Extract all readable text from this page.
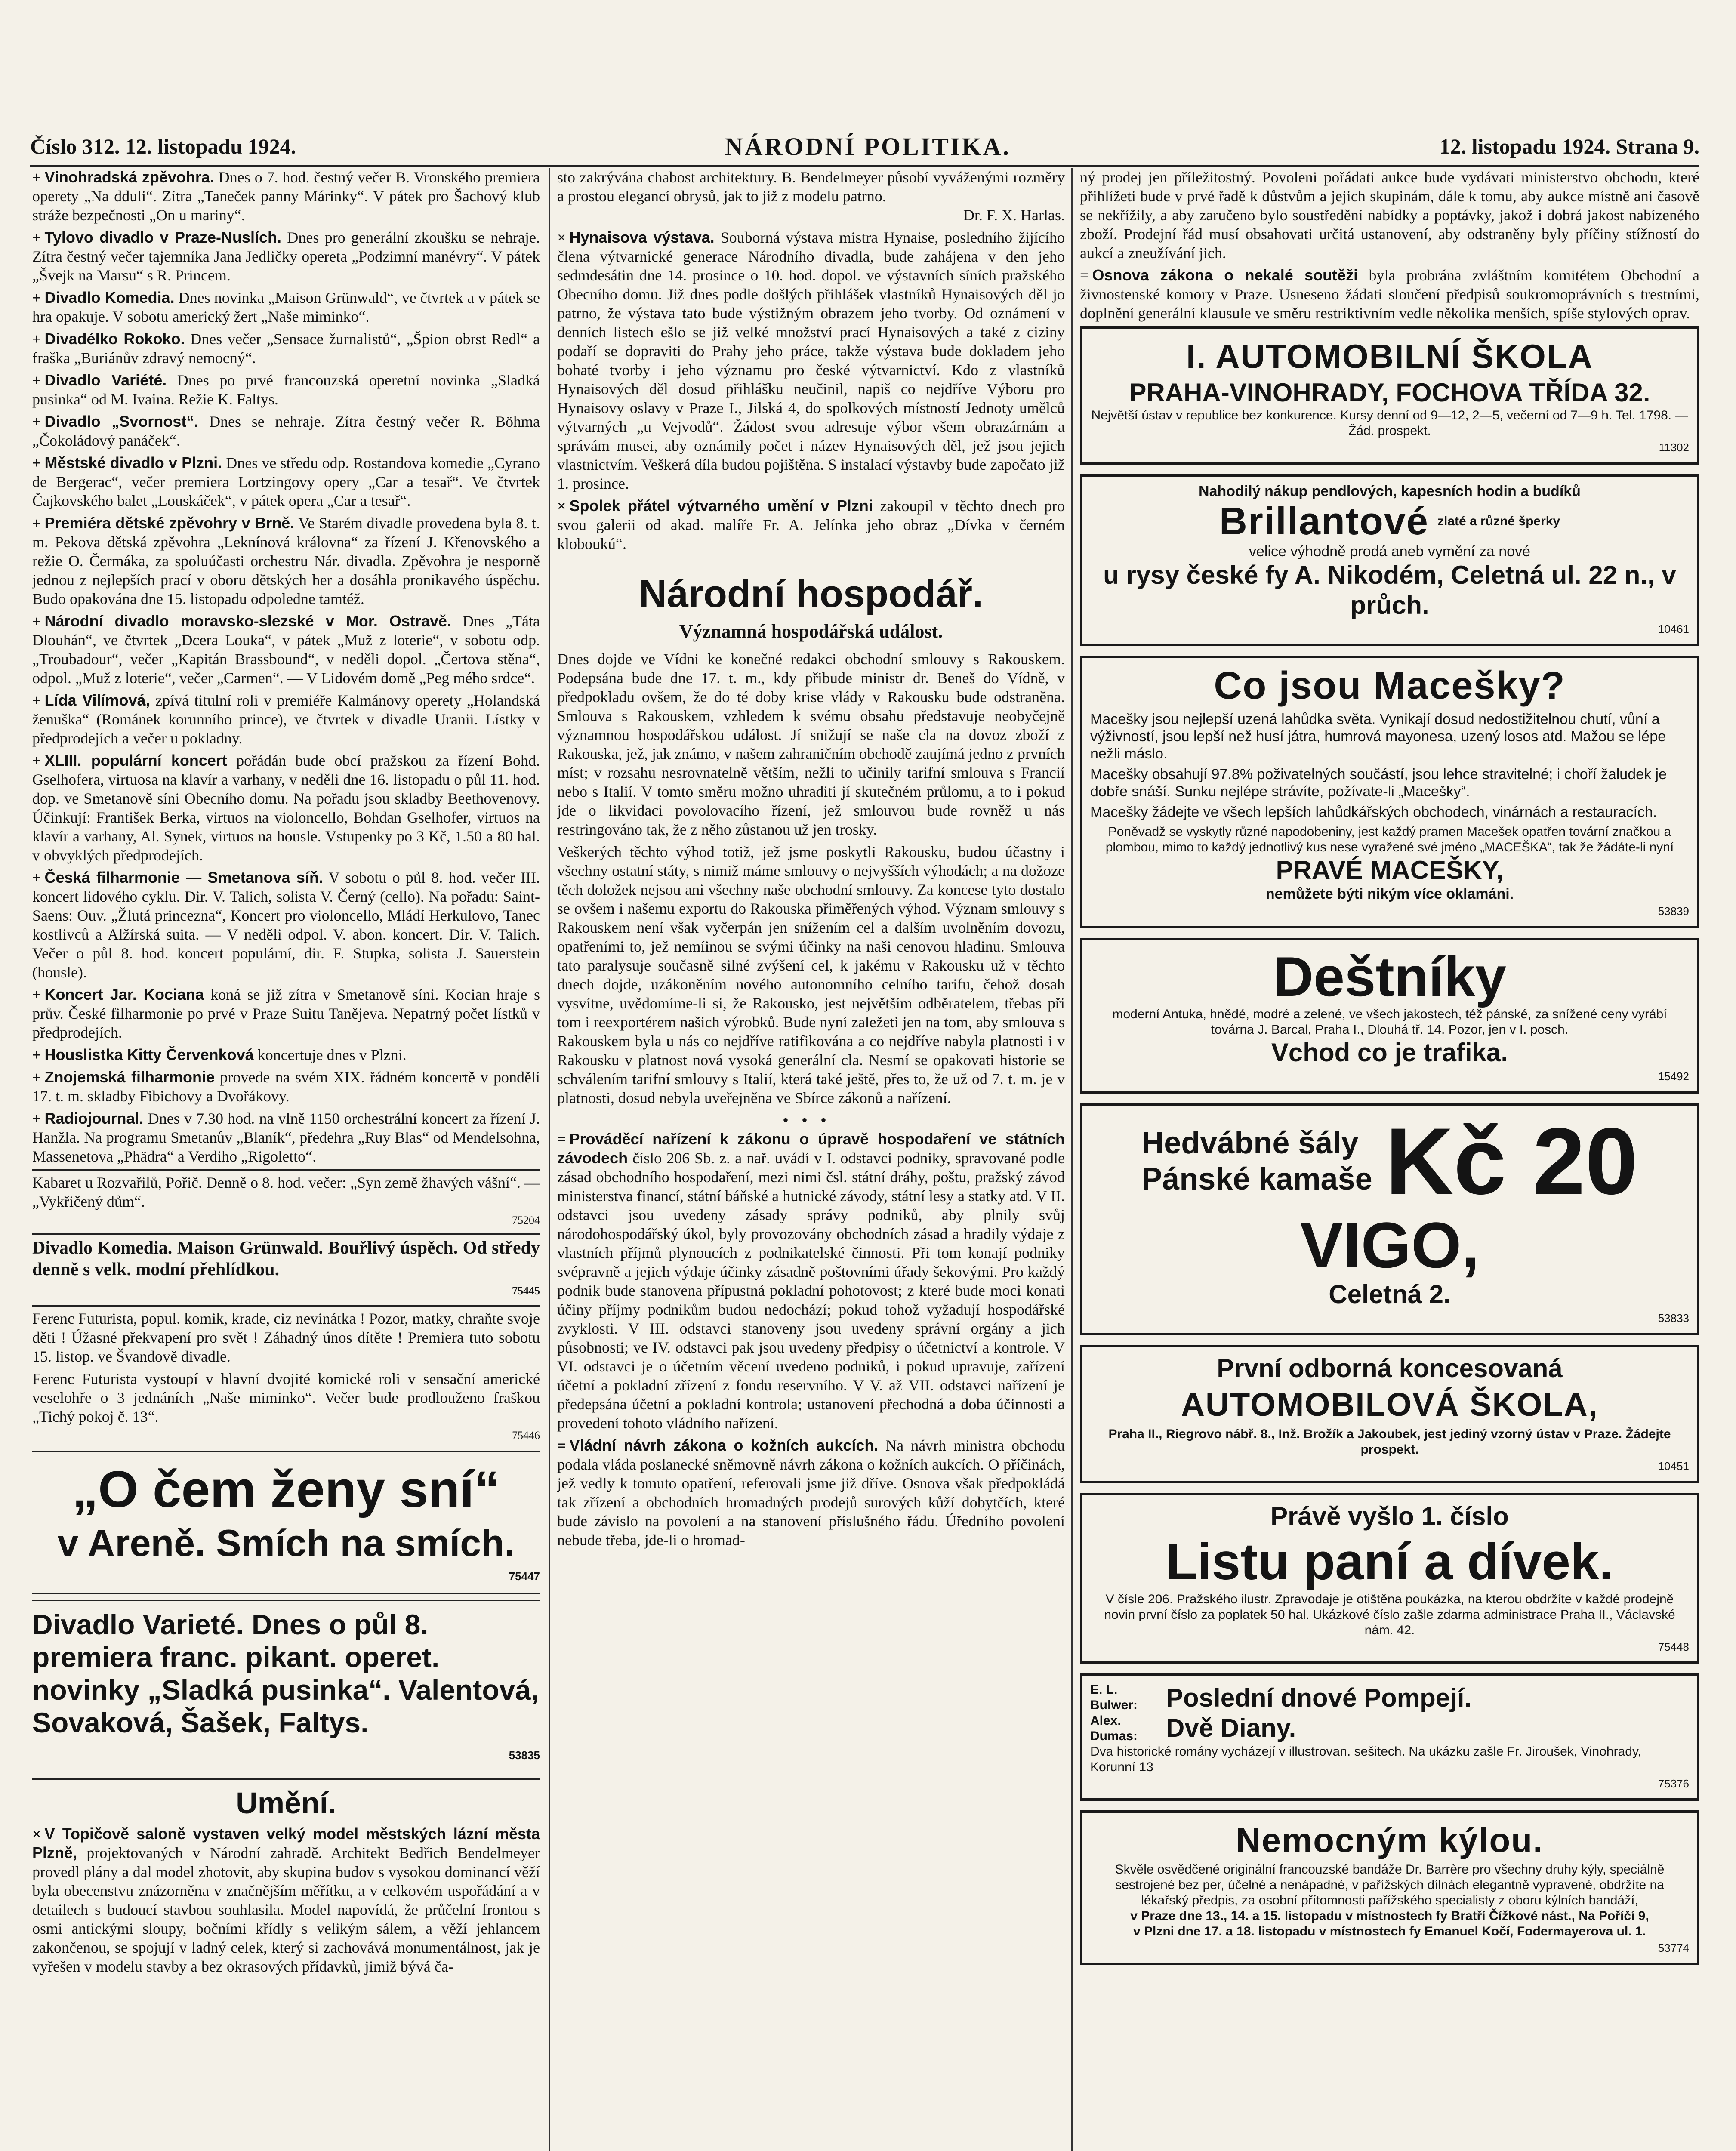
Číslo 312. 12. listopadu 1924.	NÁRODNÍ POLITIKA.	12. listopadu 1924. Strana 9.
+ Vinohradská zpěvohra. Dnes o 7. hod. čestný večer B. Vronského premiera operety „Na dduli“. Zítra „Taneček panny Márinky“. V pátek pro Šachový klub stráže bezpečnosti „On u mariny“.
+ Tylovo divadlo v Praze-Nuslích. Dnes pro generální zkoušku se nehraje. Zítra čestný večer tajemníka Jana Jedličky opereta „Podzimní manévry“. V pátek „Švejk na Marsu“ s R. Princem.
+ Divadlo Komedia. Dnes novinka „Maison Grünwald“, ve čtvrtek a v pátek se hra opakuje. V sobotu americký žert „Naše miminko“.
+ Divadélko Rokoko. Dnes večer „Sensace žurnalistů“, „Špion obrst Redl“ a fraška „Buriánův zdravý nemocný“.
+ Divadlo Variété. Dnes po prvé francouzská operetní novinka „Sladká pusinka“ od M. Ivaina. Režie K. Faltys.
+ Divadlo „Svornost“. Dnes se nehraje. Zítra čestný večer R. Böhma „Čokoládový panáček“.
+ Městské divadlo v Plzni. Dnes ve středu odp. Rostandova komedie „Cyrano de Bergerac“, večer premiera Lortzingovy opery „Car a tesař“. Ve čtvrtek Čajkovského balet „Louskáček“, v pátek opera „Car a tesař“.
+ Premiéra dětské zpěvohry v Brně. Ve Starém divadle provedena byla 8. t. m. Pekova dětská zpěvohra „Leknínová královna“ za řízení J. Křenovského a režie O. Čermáka, za spoluúčasti orchestru Nár. divadla. Zpěvohra je nesporně jednou z nejlepších prací v oboru dětských her a dosáhla pronikavého úspěchu. Budo opakována dne 15. listopadu odpoledne tamtéž.
+ Národní divadlo moravsko-slezské v Mor. Ostravě. Dnes „Táta Dlouhán“, ve čtvrtek „Dcera Louka“, v pátek „Muž z loterie“, v sobotu odp. „Troubadour“, večer „Kapitán Brassbound“, v neděli dopol. „Čertova stěna“, odpol. „Muž z loterie“, večer „Carmen“. — V Lidovém domě „Peg mého srdce“.
+ Lída Vilímová, zpívá titulní roli v premiéře Kalmánovy operety „Holandská ženuška“ (Románek korunního prince), ve čtvrtek v divadle Uranii. Lístky v předprodejích a večer u pokladny.
+ XLIII. populární koncert pořádán bude obcí pražskou za řízení Bohd. Gselhofera, virtuosa na klavír a varhany, v neděli dne 16. listopadu o půl 11. hod. dop. ve Smetanově síni Obecního domu. Na pořadu jsou skladby Beethovenovy. Účinkují: František Berka, virtuos na violoncello, Bohdan Gselhofer, virtuos na klavír a varhany, Al. Synek, virtuos na housle. Vstupenky po 3 Kč, 1.50 a 80 hal. v obvyklých předprodejích.
+ Česká filharmonie — Smetanova síň. V sobotu o půl 8. hod. večer III. koncert lidového cyklu. Dir. V. Talich, solista V. Černý (cello). Na pořadu: Saint-Saens: Ouv. „Žlutá princezna“, Koncert pro violoncello, Mládí Herkulovo, Tanec kostlivců a Alžírská suita. — V neděli odpol. V. abon. koncert. Dir. V. Talich. Večer o půl 8. hod. koncert populární, dir. F. Stupka, solista J. Sauerstein (housle).
+ Koncert Jar. Kociana koná se již zítra v Smetanově síni. Kocian hraje s prův. České filharmonie po prvé v Praze Suitu Tanějeva. Nepatrný počet lístků v předprodejích.
+ Houslistka Kitty Červenková koncertuje dnes v Plzni.
+ Znojemská filharmonie provede na svém XIX. řádném koncertě v pondělí 17. t. m. skladby Fibichovy a Dvořákovy.
+ Radiojournal. Dnes v 7.30 hod. na vlně 1150 orchestrální koncert za řízení J. Hanžla. Na programu Smetanův „Blaník“, předehra „Ruy Blas“ od Mendelsohna, Massenetova „Phädra“ a Verdiho „Rigoletto“.
Kabaret u Rozvařilů, Pořič. Denně o 8. hod. večer: „Syn země žhavých vášní“. — „Vykřičený dům“.
75204
Divadlo Komedia. Maison Grünwald. Bouřlivý úspěch. Od středy denně s velk. modní přehlídkou.
75445
Ferenc Futurista, popul. komik, krade, ciz nevinátka ! Pozor, matky, chraňte svoje děti ! Úžasné překvapení pro svět ! Záhadný únos dítěte ! Premiera tuto sobotu 15. listop. ve Švandově divadle.
Ferenc Futurista vystoupí v hlavní dvojité komické roli v sensační americké veselohře o 3 jednáních „Naše miminko“. Večer bude prodlouženo fraškou „Tichý pokoj č. 13“.
75446
„O čem ženy sní“
v Areně. Smích na smích.
75447
Divadlo Varieté. Dnes o půl 8. premiera franc. pikant. operet. novinky „Sladká pusinka“. Valentová, Sovaková, Šašek, Faltys.
53835
Umění.
× V Topičově saloně vystaven velký model městských lázní města Plzně, projektovaných v Národní zahradě. Architekt Bedřich Bendelmeyer provedl plány a dal model zhotovit, aby skupina budov s vysokou dominancí věží byla obecenstvu znázorněna v značnějším měřítku, a v celkovém uspořádání a v detailech s budoucí stavbou souhlasila. Model napovídá, že průčelní frontou s osmi antickými sloupy, bočními křídly s velikým sálem, a věží jehlancem zakončenou, se spojují v ladný celek, který si zachovává monumentálnost, jak je vyřešen v modelu stavby a bez okrasových přídavků, jimiž bývá ča-
sto zakrývána chabost architektury. B. Bendelmeyer působí vyváženými rozměry a prostou elegancí obrysů, jak to již z modelu patrno.
Dr. F. X. Harlas.
× Hynaisova výstava. Souborná výstava mistra Hynaise, posledního žijícího člena výtvarnické generace Národního divadla, bude zahájena v den jeho sedmdesátin dne 14. prosince o 10. hod. dopol. ve výstavních síních pražského Obecního domu. Již dnes podle došlých přihlášek vlastníků Hynaisových děl jo patrno, že výstava tato bude výstižným obrazem jeho tvorby. Od oznámení v denních listech ešlo se již velké množství prací Hynaisových a také z ciziny podaří se dopraviti do Prahy jeho práce, takže výstava bude dokladem jeho bohaté tvorby i jeho významu pro české výtvarnictví. Kdo z vlastníků Hynaisových děl dosud přihlášku neučinil, napiš co nejdříve Výboru pro Hynaisovy oslavy v Praze I., Jilská 4, do spolkových místností Jednoty umělců výtvarných „u Vejvodů“. Žádost svou adresuje výbor všem obrazárnám a správám musei, aby oznámily počet i název Hynaisových děl, jež jsou jejich vlastnictvím. Veškerá díla budou pojištěna. S instalací výstavby bude započato již 1. prosince.
× Spolek přátel výtvarného umění v Plzni zakoupil v těchto dnech pro svou galerii od akad. malíře Fr. A. Jelínka jeho obraz „Dívka v černém kloboukú“.
Národní hospodář.
Významná hospodářská událost.
Dnes dojde ve Vídni ke konečné redakci obchodní smlouvy s Rakouskem. Podepsána bude dne 17. t. m., kdy přibude ministr dr. Beneš do Vídně, v předpokladu ovšem, že do té doby krise vlády v Rakousku bude odstraněna. Smlouva s Rakouskem, vzhledem k svému obsahu představuje neobyčejně významnou hospodářskou událost. Jí snižují se naše cla na dovoz zboží z Rakouska, jež, jak známo, v našem zahraničním obchodě zaujímá jedno z prvních míst; v rozsahu nesrovnatelně větším, nežli to učinily tarifní smlouva s Francií nebo s Italií. V tomto směru možno uhraditi jí skutečném průlomu, a to i pokud jde o likvidaci povolovacího řízení, jež smlouvou bude rovněž u nás restringováno tak, že z něho zůstanou už jen trosky.
Veškerých těchto výhod totiž, jež jsme poskytli Rakousku, budou účastny i všechny ostatní státy, s nimiž máme smlouvy o nejvyšších výhodách; a na dožoze těch doložek nejsou ani všechny naše obchodní smlouvy. Za koncese tyto dostalo se ovšem i našemu exportu do Rakouska přiměřených výhod. Význam smlouvy s Rakouskem není však vyčerpán jen snížením cel a dalším uvolněním dovozu, opatřeními to, jež nemíinou se svými účinky na naši cenovou hladinu. Smlouva tato paralysuje současně silné zvýšení cel, k jakému v Rakousku už v těchto dnech dojde, uzákoněním nového autonomního celního tarifu, čehož dosah vysvítne, uvědomíme-li si, že Rakousko, jest největším odběratelem, třebas při tom i reexportérem našich výrobků. Bude nyní zaležeti jen na tom, aby smlouva s Rakouskem byla u nás co nejdříve ratifikována a co nejdříve nabyla platnosti i v Rakousku v platnost nová vysoká generální cla. Nesmí se opakovati historie se schválením tarifní smlouvy s Italií, která také ještě, přes to, že už od 7. t. m. je v platnosti, dosud nebyla uveřejněna ve Sbírce zákonů a nařízení.
•••
= Prováděcí nařízení k zákonu o úpravě hospodaření ve státních závodech číslo 206 Sb. z. a nař. uvádí v I. odstavci podniky, spravované podle zásad obchodního hospodaření, mezi nimi čsl. státní dráhy, poštu, pražský závod ministerstva financí, státní báňské a hutnické závody, státní lesy a statky atd. V II. odstavci jsou uvedeny zásady správy podniků, aby plnily svůj národohospodářský úkol, byly provozovány obchodních zásad a hradily výdaje z vlastních příjmů plynoucích z podnikatelské činnosti. Při tom konají podniky svépravně a jejich výdaje účinky zásadně poštovními úřady šekovými. Pro každý podnik bude stanovena přípustná pokladní pohotovost; z které bude moci konati účiny příjmy podnikům budou nedochází; pokud tohož vyžadují hospodářské zvyklosti. V III. odstavci stanoveny jsou uvedeny správní orgány a jich působnosti; ve IV. odstavci pak jsou uvedeny předpisy o účetnictví a kontrole. V VI. odstavci je o účetním věcení uvedeno podniků, i pokud upravuje, zařízení účetní a pokladní zřízení z fondu reservního. V V. až VII. odstavci nařízení je předepsána účetní a pokladní kontrola; ustanovení přechodná a doba účinnosti a provedení tohoto vládního nařízení.
= Vládní návrh zákona o kožních aukcích. Na návrh ministra obchodu podala vláda poslanecké sněmovně návrh zákona o kožních aukcích. O příčinách, jež vedly k tomuto opatření, referovali jsme již dříve. Osnova však předpokládá tak zřízení a obchodních hromadných prodejů surových kůží dobytčích, které bude závislo na povolení a na stanovení příslušného řádu. Úředního povolení nebude třeba, jde-li o hromad-
ný prodej jen příležitostný. Povoleni pořádati aukce bude vydávati ministerstvo obchodu, které přihlížeti bude v prvé řadě k důstvům a jejich skupinám, dále k tomu, aby aukce místně ani časově se nekřížily, a aby zaručeno bylo soustředění nabídky a poptávky, jakož i dobrá jakost nabízeného zboží. Prodejní řád musí obsahovati určitá ustanovení, aby odstraněny byly příčiny stížností do aukcí a zneužívání jich.
= Osnova zákona o nekalé soutěži byla probrána zvláštním komitétem Obchodní a živnostenské komory v Praze. Usneseno žádati sloučení předpisů soukromoprávních s trestními, doplnění generální klausule ve směru restriktivním vedle několika menších, spíše stylových oprav.
I. AUTOMOBILNÍ ŠKOLA
PRAHA-VINOHRADY, FOCHOVA TŘÍDA 32.
Největší ústav v republice bez konkurence. Kursy denní od 9—12, 2—5, večerní od 7—9 h. Tel. 1798. — Žád. prospekt.
11302
Nahodilý nákup pendlových, kapesních hodin a budíků
Brillantové zlaté a různé šperky
velice výhodně prodá aneb vymění za nové
u rysy české fy A. Nikodém, Celetná ul. 22 n., v průch.
10461
Co jsou Macešky?
Macešky jsou nejlepší uzená lahůdka světa. Vynikají dosud nedostižitelnou chutí, vůní a výživností, jsou lepší než husí játra, humrová mayonesa, uzený losos atd. Mažou se lépe nežli máslo.
Macešky obsahují 97.8% poživatelných součástí, jsou lehce stravitelné; i choří žaludek je dobře snáší. Sunku nejlépe strávíte, požívate-li „Macešky“.
Macešky žádejte ve všech lepších lahůdkářských obchodech, vinárnách a restauracích.
Poněvadž se vyskytly různé napodobeniny, jest každý pramen Macešek opatřen tovární značkou a plombou, mimo to každý jednotlivý kus nese vyražené své jméno „MACEŠKA“, tak že žádáte-li nyní
PRAVÉ MACEŠKY,
nemůžete býti nikým více oklamáni.
53839
Deštníky
moderní Antuka, hnědé, modré a zelené, ve všech jakostech, též pánské, za snížené ceny vyrábí továrna J. Barcal, Praha I., Dlouhá tř. 14. Pozor, jen v I. posch.
Vchod co je trafika.
15492
Hedvábné šály
Pánské kamaše Kč 20
VIGO,
Celetná 2.
53833
První odborná koncesovaná
AUTOMOBILOVÁ ŠKOLA,
Praha II., Riegrovo nábř. 8., Inž. Brožík a Jakoubek, jest jediný vzorný ústav v Praze. Žádejte prospekt.
10451
Právě vyšlo 1. číslo
Listu paní a dívek.
V čísle 206. Pražského ilustr. Zpravodaje je otištěna poukázka, na kterou obdržíte v každé prodejně novin první číslo za poplatek 50 hal. Ukázkové číslo zašle zdarma administrace Praha II., Václavské nám. 42.
75448
E. L. Bulwer: Alex. Dumas:
Poslední dnové Pompejí.
Dvě Diany.
Dva historické romány vycházejí v illustrovan. sešitech. Na ukázku zašle Fr. Jiroušek, Vinohrady, Korunní 13
75376
Nemocným kýlou.
Skvěle osvědčené originální francouzské bandáže Dr. Barrère pro všechny druhy kýly, speciálně sestrojené bez per, účelné a nenápadné, v pařížských dílnách elegantně vypravené, obdržíte na lékařský předpis, za osobní přítomnosti pařížského specialisty z oboru kýlních bandáží,
v Praze dne 13., 14. a 15. listopadu v místnostech fy Bratří Čížkové nást., Na Poříčí 9,
v Plzni dne 17. a 18. listopadu v místnostech fy Emanuel Kočí, Fodermayerova ul. 1.
53774
